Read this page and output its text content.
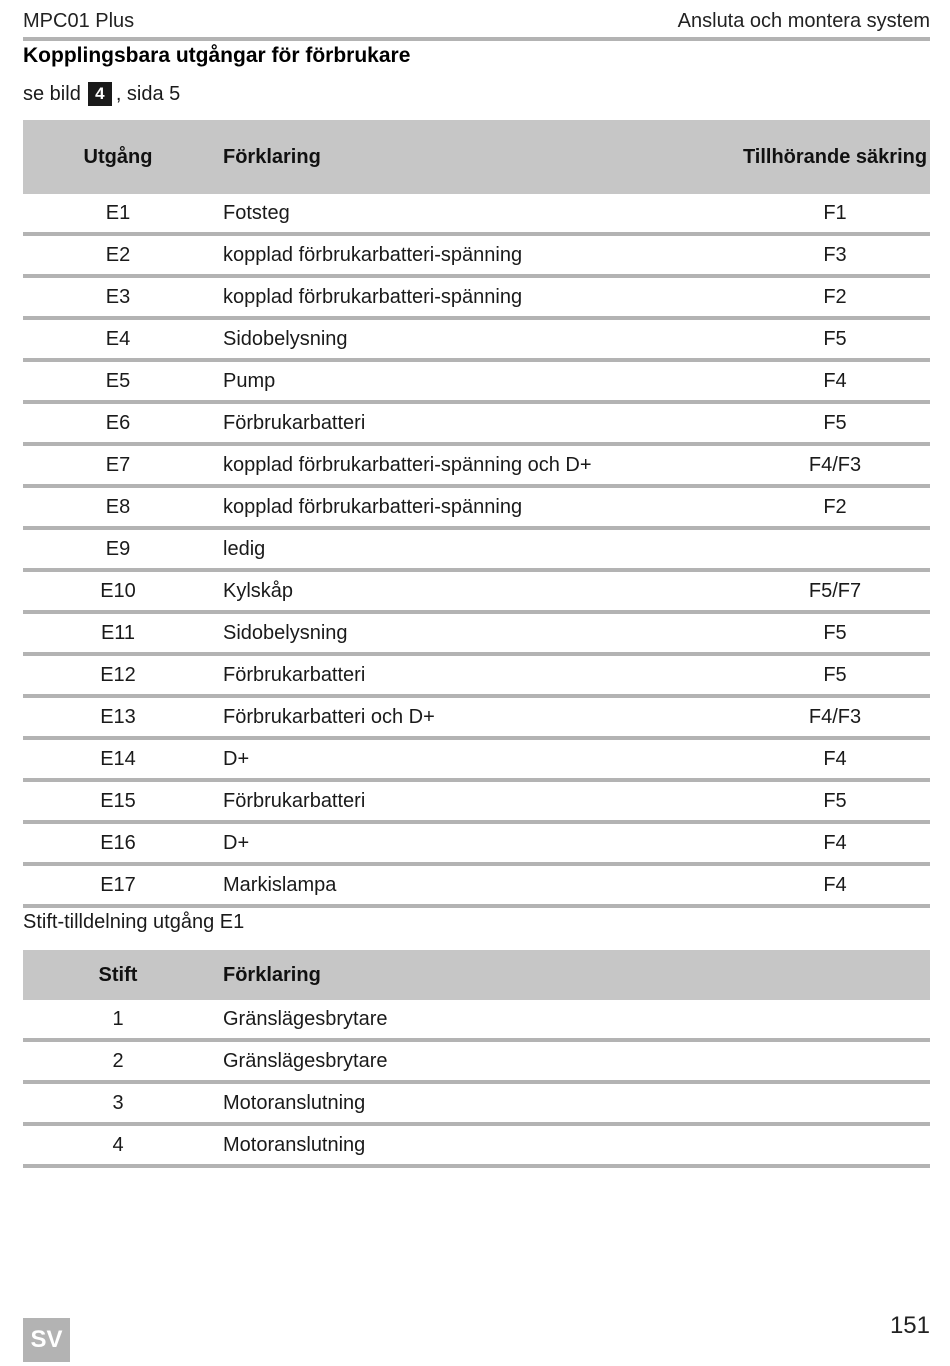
MPC01 Plus	Ansluta och montera system
Kopplingsbara utgångar för förbrukare
se bild 4 , sida 5
Utgång	Förklaring	Tillhörande säkring
E1	Fotsteg	F1
E2	kopplad förbrukarbatteri-spänning	F3
E3	kopplad förbrukarbatteri-spänning	F2
E4	Sidobelysning	F5
E5	Pump	F4
E6	Förbrukarbatteri	F5
E7	kopplad förbrukarbatteri-spänning och D+	F4/F3
E8	kopplad förbrukarbatteri-spänning	F2
E9	ledig	
E10	Kylskåp	F5/F7
E11	Sidobelysning	F5
E12	Förbrukarbatteri	F5
E13	Förbrukarbatteri och D+	F4/F3
E14	D+	F4
E15	Förbrukarbatteri	F5
E16	D+	F4
E17	Markislampa	F4
Stift-tilldelning utgång E1
Stift	Förklaring
1	Gränslägesbrytare
2	Gränslägesbrytare
3	Motoranslutning
4	Motoranslutning
SV
151
